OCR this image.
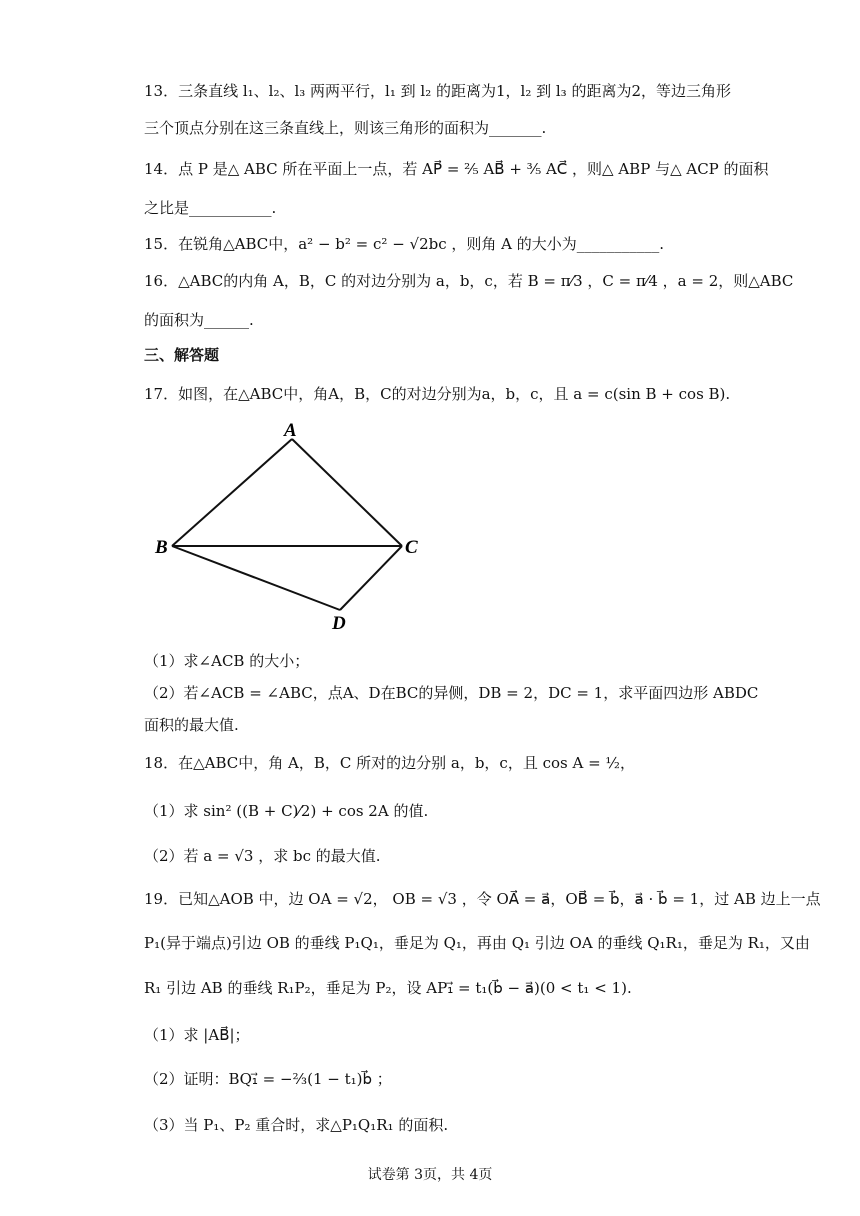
13．三条直线 l₁、l₂、l₃ 两两平行，l₁ 到 l₂ 的距离为1，l₂ 到 l₃ 的距离为2，等边三角形
三个顶点分别在这三条直线上，则该三角形的面积为_______.
14．点 P 是△ ABC 所在平面上一点，若 AP⃗ = ²⁄₅ AB⃗ + ³⁄₅ AC⃗ ，则△ ABP 与△ ACP 的面积
之比是___________.
15．在锐角△ABC中，a² − b² = c² − √2bc ，则角 A 的大小为___________.
16．△ABC的内角 A，B，C 的对边分别为 a，b，c，若 B = π⁄3 ，C = π⁄4 ，a = 2，则△ABC
的面积为______.
17．如图，在△ABC中，角A，B，C的对边分别为a，b，c，且 a = c(sin B + cos B).
（1）求∠ACB 的大小；
（2）若∠ACB = ∠ABC，点A、D在BC的异侧，DB = 2，DC = 1，求平面四边形 ABDC
面积的最大值.
18．在△ABC中，角 A，B，C 所对的边分别 a，b，c，且 cos A = ½，
（1）求 sin² ((B + C)⁄2) + cos 2A 的值.
（2）若 a = √3 ，求 bc 的最大值.
19．已知△AOB 中，边 OA = √2， OB = √3 ，令 OA⃗ = a⃗，OB⃗ = b⃗，a⃗ · b⃗ = 1，过 AB 边上一点
P₁(异于端点)引边 OB 的垂线 P₁Q₁，垂足为 Q₁，再由 Q₁ 引边 OA 的垂线 Q₁R₁，垂足为 R₁，又由
R₁ 引边 AB 的垂线 R₁P₂，垂足为 P₂，设 AP₁⃗ = t₁(b⃗ − a⃗)(0 < t₁ < 1).
（1）求 |AB⃗|；
（2）证明：BQ₁⃗ = −⅔(1 − t₁)b⃗ ；
（3）当 P₁、P₂ 重合时，求△P₁Q₁R₁ 的面积.
三、解答题
A
B	C
D
试卷第 3页，共 4页
